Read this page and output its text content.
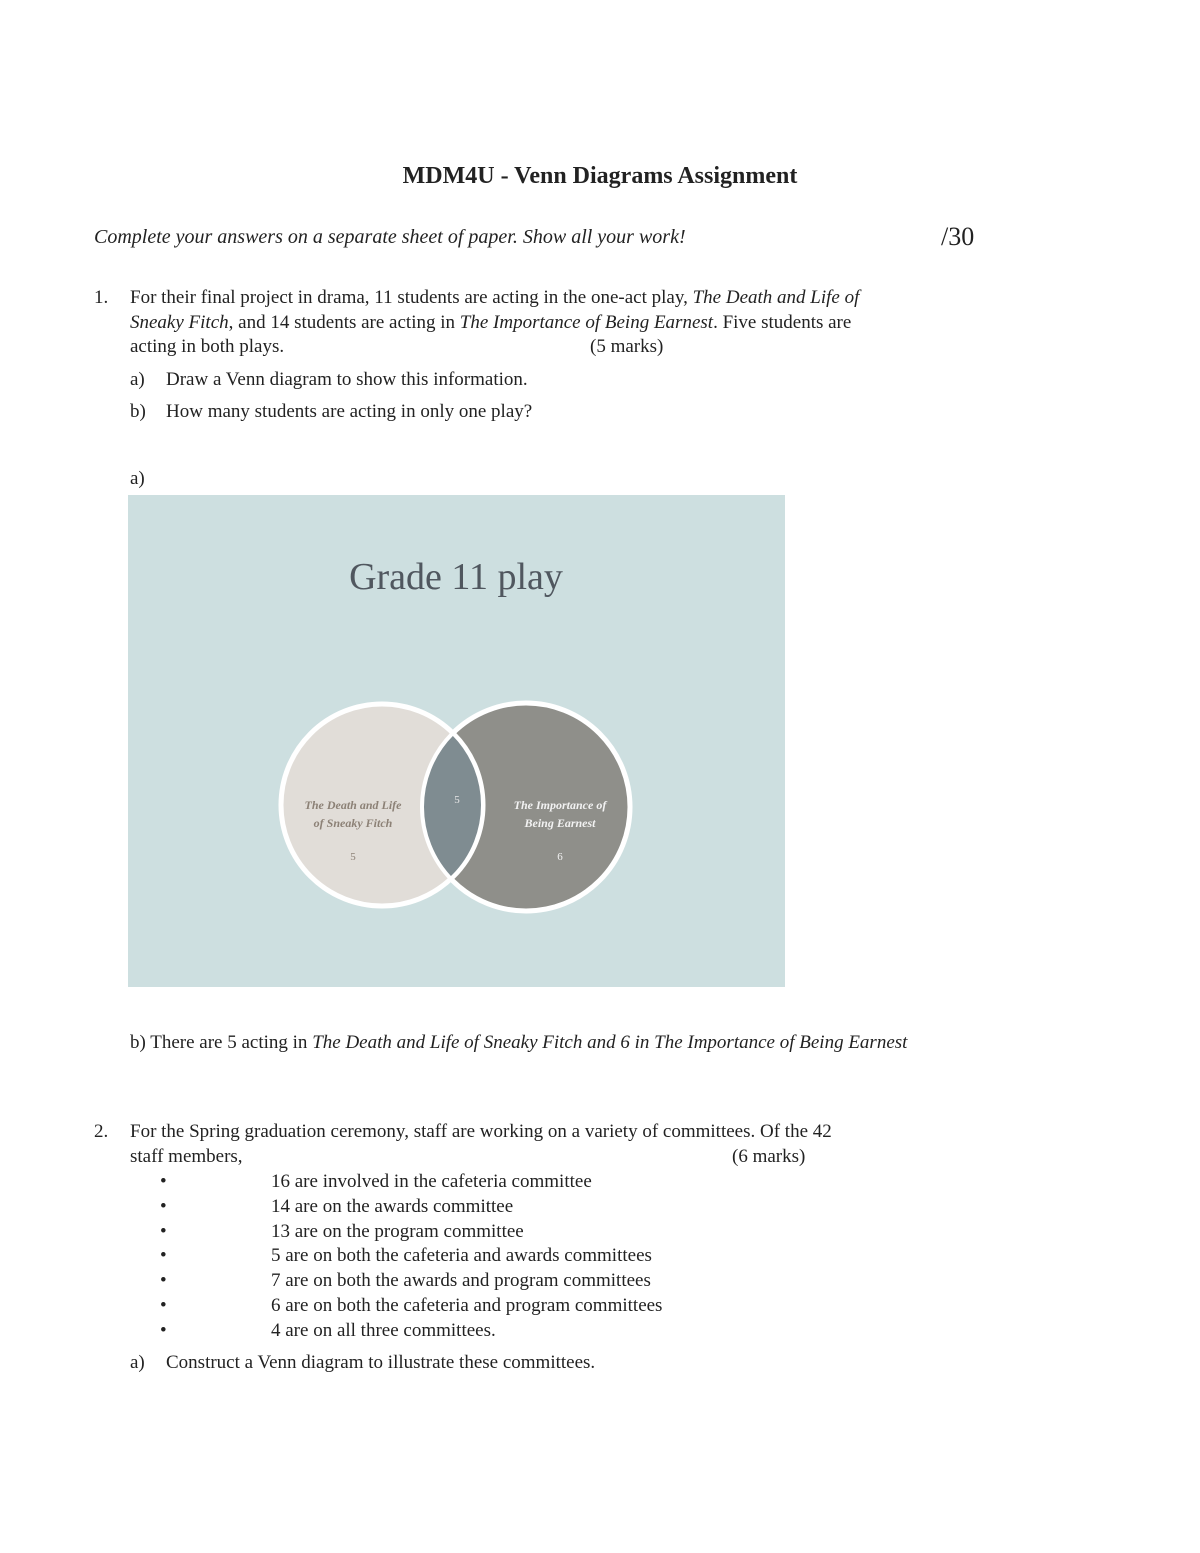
MDM4U - Venn Diagrams Assignment
Complete your answers on a separate sheet of paper. Show all your work!	/30
1. For their final project in drama, 11 students are acting in the one-act play, The Death and Life of
Sneaky Fitch, and 14 students are acting in The Importance of Being Earnest. Five students are
acting in both plays.	(5 marks)
a) Draw a Venn diagram to show this information.
b) How many students are acting in only one play?
a)
Grade 11 play
The Death and Life
of Sneaky Fitch
5
5	The Importance of
Being Earnest
6
b) There are 5 acting in The Death and Life of Sneaky Fitch and 6 in The Importance of Being Earnest
2. For the Spring graduation ceremony, staff are working on a variety of committees. Of the 42
staff members,	(6 marks)
•	16 are involved in the cafeteria committee
•	14 are on the awards committee
•	13 are on the program committee
•	5 are on both the cafeteria and awards committees
•	7 are on both the awards and program committees
•	6 are on both the cafeteria and program committees
•	4 are on all three committees.
a) Construct a Venn diagram to illustrate these committees.
